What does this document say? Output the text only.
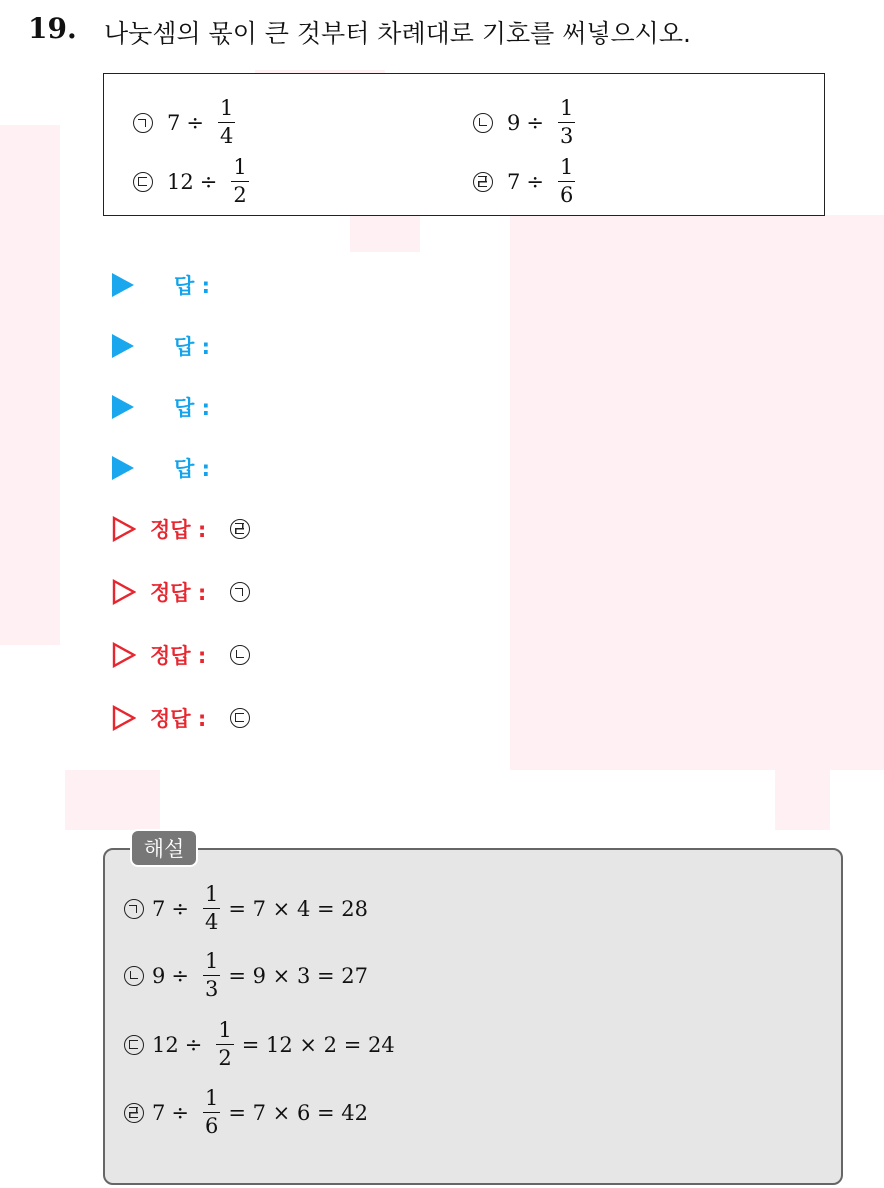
19. 나눗셈의 몫이 큰 것부터 차례대로 기호를 써넣으시오.
$7 \div \frac{1}{4}$	$9 \div \frac{1}{3}$
$12 \div \frac{1}{2}$	$7 \div \frac{1}{6}$
답 :
답 :
답 :
답 :
정답 :
정답 :
정답 :
정답 :
해설
$7 \div \frac{1}{4} = 7 \times 4 = 28$
$9 \div \frac{1}{3} = 9 \times 3 = 27$
$12 \div \frac{1}{2} = 12 \times 2 = 24$
$7 \div \frac{1}{6} = 7 \times 6 = 42$
